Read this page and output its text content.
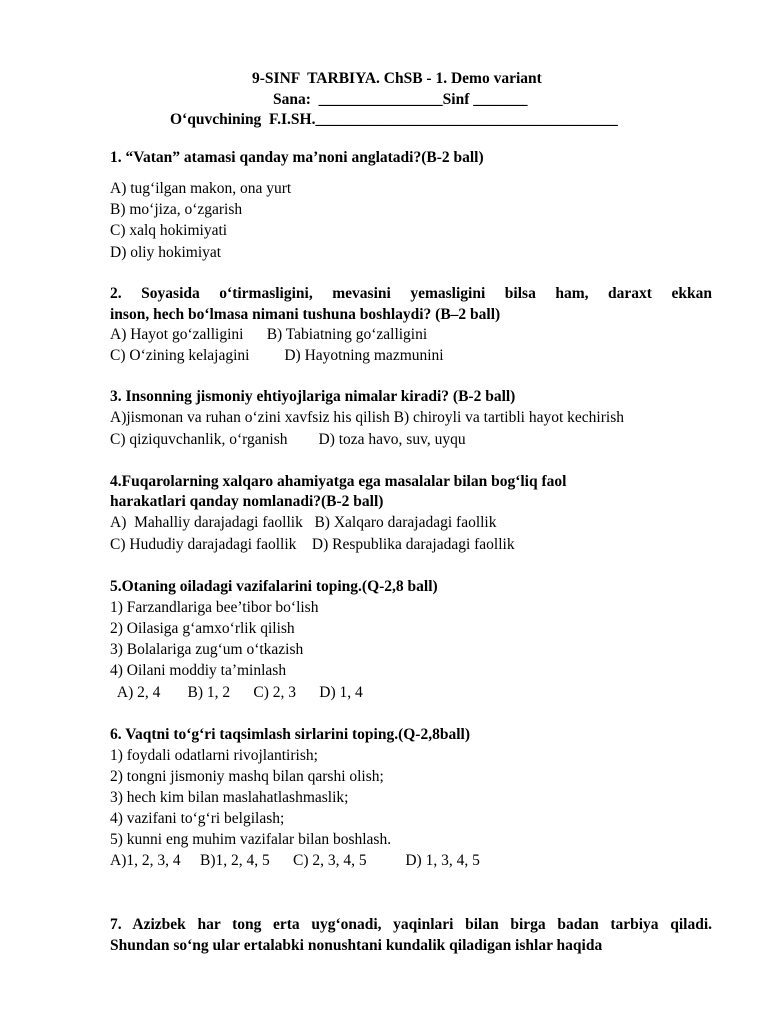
9-SINF  TARBIYA. ChSB - 1. Demo variant
Sana:  ________________Sinf _______
O‘quvchining  F.I.SH._______________________________________
1. “Vatan” atamasi qanday ma’noni anglatadi?(B-2 ball)
A) tug‘ilgan makon, ona yurt
B) mo‘jiza, o‘zgarish
C) xalq hokimiyati
D) oliy hokimiyat
2. Soyasida o‘tirmasligini, mevasini yemasligini bilsa ham, daraxt ekkan
inson, hech bo‘lmasa nimani tushuna boshlaydi? (B–2 ball)
A) Hayot go‘zalligini      B) Tabiatning go‘zalligini
C) O‘zining kelajagini         D) Hayotning mazmunini
3. Insonning jismoniy ehtiyojlariga nimalar kiradi? (B-2 ball)
A)jismonan va ruhan o‘zini xavfsiz his qilish B) chiroyli va tartibli hayot kechirish
C) qiziquvchanlik, o‘rganish        D) toza havo, suv, uyqu
4.Fuqarolarning xalqaro ahamiyatga ega masalalar bilan bog‘liq faol
harakatlari qanday nomlanadi?(B-2 ball)
A)  Mahalliy darajadagi faollik   B) Xalqaro darajadagi faollik
C) Hududiy darajadagi faollik    D) Respublika darajadagi faollik
5.Otaning oiladagi vazifalarini toping.(Q-2,8 ball)
1) Farzandlariga bee’tibor bo‘lish
2) Oilasiga g‘amxo‘rlik qilish
3) Bolalariga zug‘um o‘tkazish
4) Oilani moddiy ta’minlash
A) 2, 4       B) 1, 2      C) 2, 3      D) 1, 4
6. Vaqtni to‘g‘ri taqsimlash sirlarini toping.(Q-2,8ball)
1) foydali odatlarni rivojlantirish;
2) tongni jismoniy mashq bilan qarshi olish;
3) hech kim bilan maslahatlashmaslik;
4) vazifani to‘g‘ri belgilash;
5) kunni eng muhim vazifalar bilan boshlash.
A)1, 2, 3, 4     B)1, 2, 4, 5      C) 2, 3, 4, 5          D) 1, 3, 4, 5
7. Azizbek har tong erta uyg‘onadi, yaqinlari bilan birga badan tarbiya qiladi.
Shundan so‘ng ular ertalabki nonushtani kundalik qiladigan ishlar haqida
